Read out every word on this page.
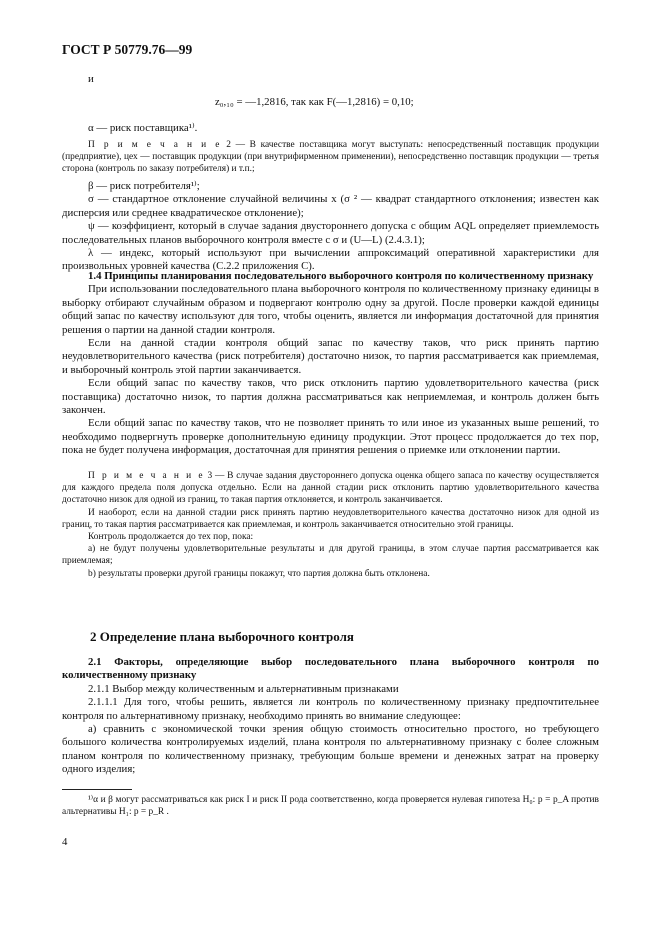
ГОСТ Р 50779.76—99

и

z₀,₁₀ = —1,2816, так как F(—1,2816) = 0,10;

α — риск поставщика¹⁾.

П р и м е ч а н и е 2 — В качестве поставщика могут выступать: непосредственный поставщик продукции (предприятие), цех — поставщик продукции (при внутрифирменном применении), непосредственно поставщик продукции — третья сторона (контроль по заказу потребителя) и т.п.;

β — риск потребителя¹⁾;

σ — стандартное отклонение случайной величины x (σ ² — квадрат стандартного отклонения; известен как дисперсия или среднее квадратическое отклонение);

ψ — коэффициент, который в случае задания двустороннего допуска с общим AQL определяет приемлемость последовательных планов выборочного контроля вместе с σ и (U—L) (2.4.3.1);

λ — индекс, который используют при вычислении аппроксимаций оперативной характеристики для произвольных уровней качества (С.2.2 приложения С).

1.4 Принципы планирования последовательного выборочного контроля по количественному признаку

При использовании последовательного плана выборочного контроля по количественному признаку единицы в выборку отбирают случайным образом и подвергают контролю одну за другой. После проверки каждой единицы общий запас по качеству используют для того, чтобы оценить, является ли информация достаточной для принятия решения о партии на данной стадии контроля.

Если на данной стадии контроля общий запас по качеству таков, что риск принять партию неудовлетворительного качества (риск потребителя) достаточно низок, то партия рассматривается как приемлемая, и выборочный контроль этой партии заканчивается.

Если общий запас по качеству таков, что риск отклонить партию удовлетворительного качества (риск поставщика) достаточно низок, то партия должна рассматриваться как неприемлемая, и контроль должен быть закончен.

Если общий запас по качеству таков, что не позволяет принять то или иное из указанных выше решений, то необходимо подвергнуть проверке дополнительную единицу продукции. Этот процесс продолжается до тех пор, пока не будет получена информация, достаточная для принятия решения о приемке или отклонении партии.

П р и м е ч а н и е 3 — В случае задания двустороннего допуска оценка общего запаса по качеству осуществляется для каждого предела поля допуска отдельно. Если на данной стадии риск отклонить партию удовлетворительного качества достаточно низок для одной из границ, то такая партия отклоняется, и контроль заканчивается.

И наоборот, если на данной стадии риск принять партию неудовлетворительного качества достаточно низок для одной из границ, то такая партия рассматривается как приемлемая, и контроль заканчивается относительно этой границы.

Контроль продолжается до тех пор, пока:

a) не будут получены удовлетворительные результаты и для другой границы, в этом случае партия рассматривается как приемлемая;

b) результаты проверки другой границы покажут, что партия должна быть отклонена.

2 Определение плана выборочного контроля

2.1 Факторы, определяющие выбор последовательного плана выборочного контроля по количественному признаку

2.1.1 Выбор между количественным и альтернативным признаками

2.1.1.1 Для того, чтобы решить, является ли контроль по количественному признаку предпочтительнее контроля по альтернативному признаку, необходимо принять во внимание следующее:

a) сравнить с экономической точки зрения общую стоимость относительно простого, но требующего большого количества контролируемых изделий, плана контроля по альтернативному признаку с более сложным планом контроля по количественному признаку, требующим больше времени и денежных затрат на проверку одного изделия;

¹⁾α и β могут рассматриваться как риск I и риск II рода соответственно, когда проверяется нулевая гипотеза H₀: p = p_A против альтернативы H₁: p = p_R .

4
